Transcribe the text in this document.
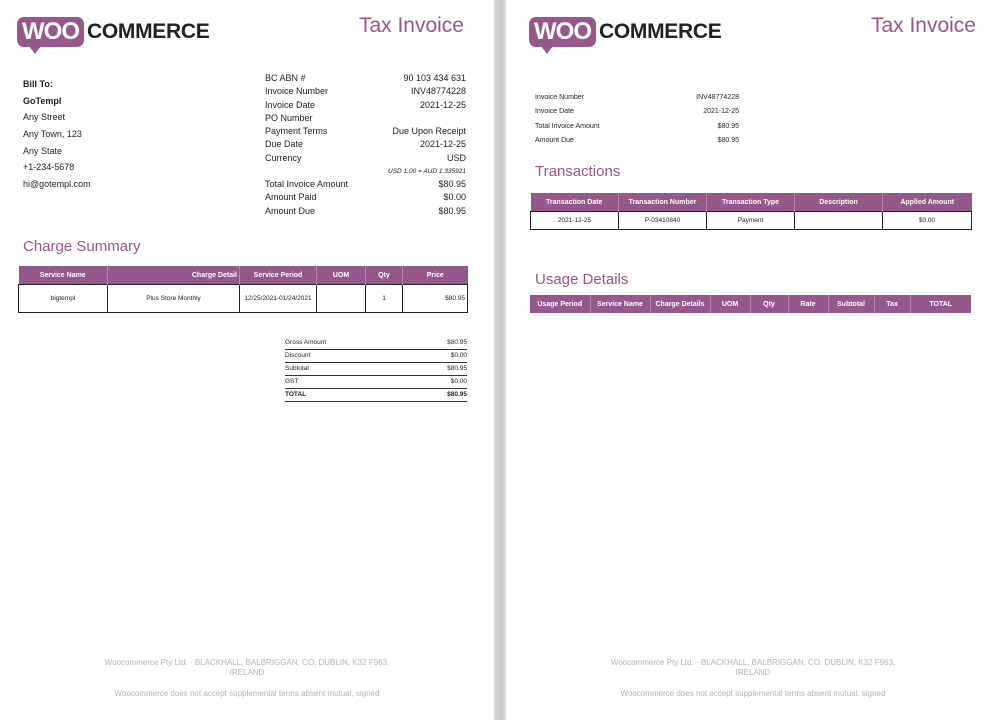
WOO COMMERCE	Tax Invoice
Bill To:
GoTempl
Any Street
Any Town, 123
Any State
+1-234-5678
hi@gotempl.com
BC ABN #	90 103 434 631
Invoice Number	INV48774228
Invoice Date	2021-12-25
PO Number
Payment Terms	Due Upon Receipt
Due Date	2021-12-25
Currency	USD
USD 1.00 = AUD 1.335921
Total Invoice Amount	$80.95
Amount Paid	$0.00
Amount Due	$80.95
Charge Summary
Service Name	Charge Detail	Service Period	UOM	Qty	Price
bigtempl	Plus Store Monthly	12/25/2021-01/24/2021		1	$80.95
Gross Amount	$80.95
Discount	$0.00
Subtotal	$80.95
GST	$0.00
TOTAL	$80.95
Woocommerce Pty Ltd. · BLACKHALL, BALBRIGGAN, CO. DUBLIN, K32 F963, IRELAND
Woocommerce does not accept supplemental terms absent mutual, signed
WOO COMMERCE	Tax Invoice
Invoice Number	INV48774228
Invoice Date	2021-12-25
Total Invoice Amount	$80.95
Amount Due	$80.95
Transactions
Transaction Date	Transaction Number	Transaction Type	Description	Applied Amount
2021-12-25	P-03410840	Payment		$0.00
Usage Details
Usage Period	Service Name	Charge Details	UOM	Qty	Rate	Subtotal	Tax	TOTAL
Woocommerce Pty Ltd. · BLACKHALL, BALBRIGGAN, CO. DUBLIN, K32 F963, IRELAND
Woocommerce does not accept supplemental terms absent mutual, signed
